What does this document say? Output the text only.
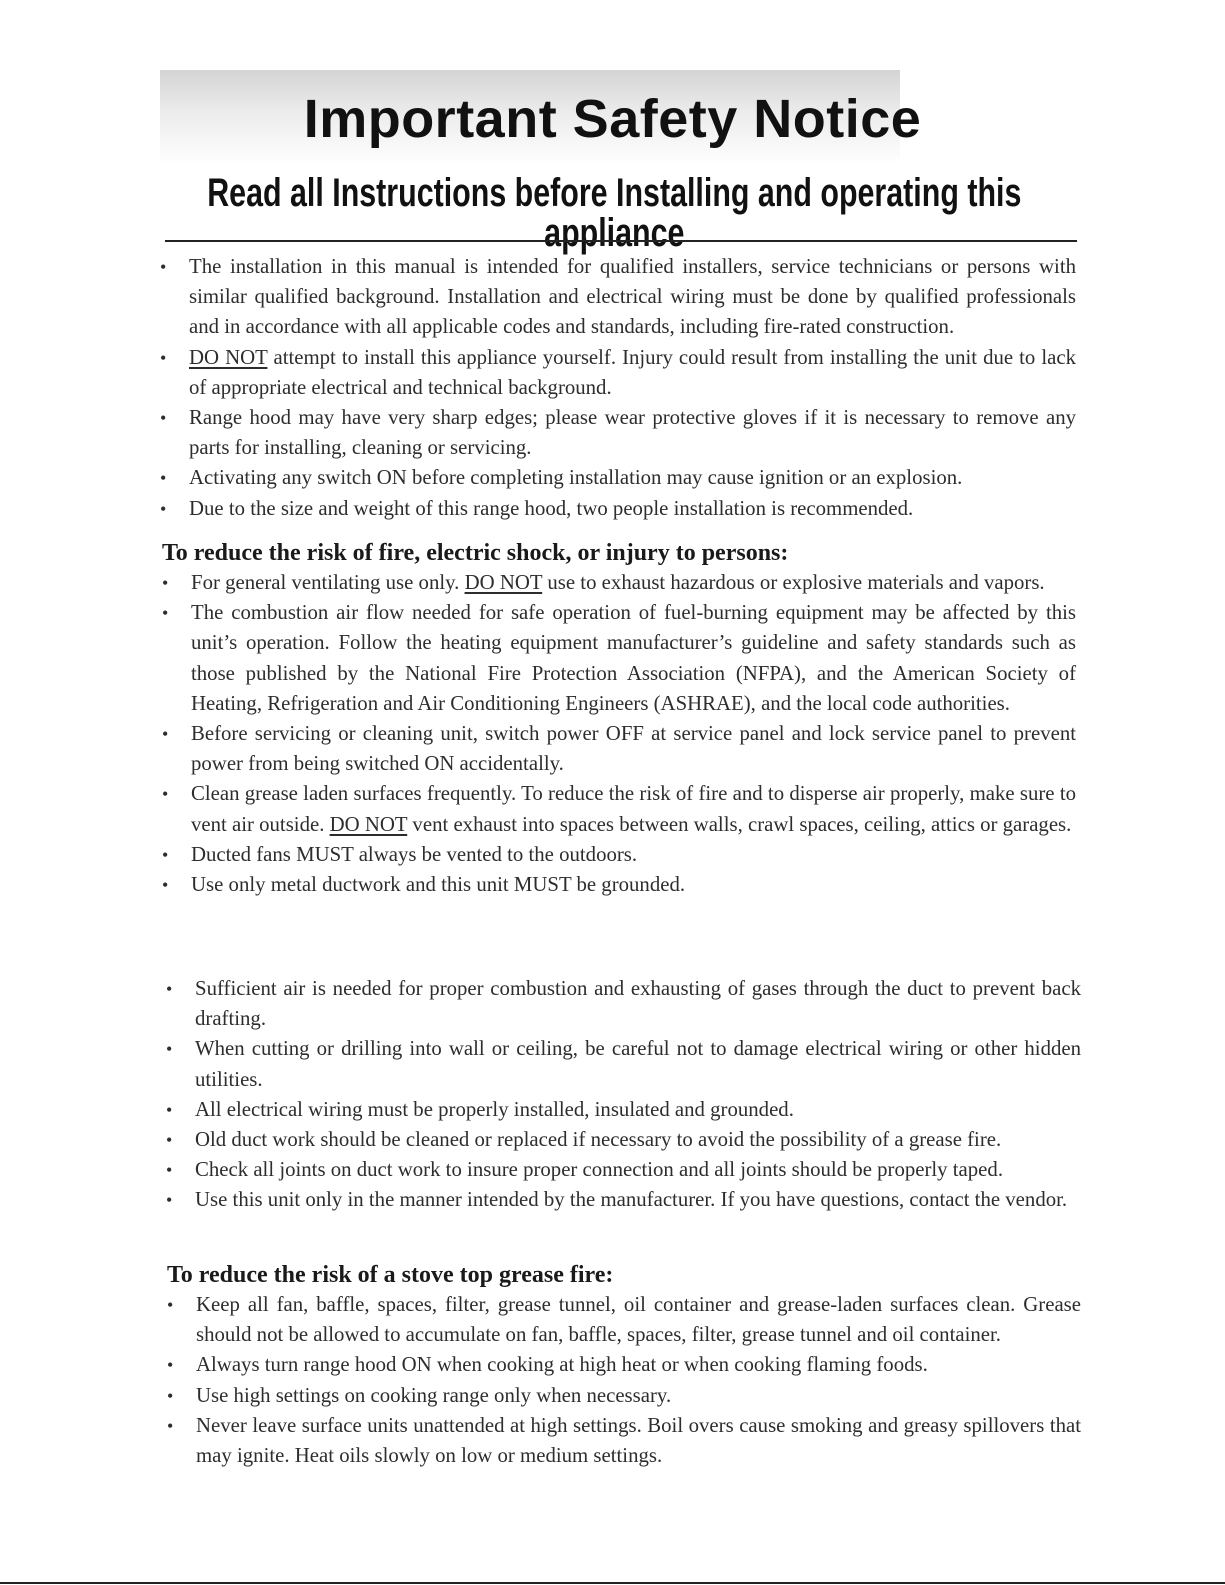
Important Safety Notice
Read all Instructions before Installing and operating this appliance
• The installation in this manual is intended for qualified installers, service technicians or persons with similar qualified background. Installation and electrical wiring must be done by qualified professionals and in accordance with all applicable codes and standards, including fire-rated construction.
• DO NOT attempt to install this appliance yourself. Injury could result from installing the unit due to lack of appropriate electrical and technical background.
• Range hood may have very sharp edges; please wear protective gloves if it is necessary to remove any parts for installing, cleaning or servicing.
• Activating any switch ON before completing installation may cause ignition or an explosion.
• Due to the size and weight of this range hood, two people installation is recommended.

To reduce the risk of fire, electric shock, or injury to persons:

• For general ventilating use only. DO NOT use to exhaust hazardous or explosive materials and vapors.
• The combustion air flow needed for safe operation of fuel-burning equipment may be affected by this unit’s operation. Follow the heating equipment manufacturer’s guideline and safety standards such as those published by the National Fire Protection Association (NFPA), and the American Society of Heating, Refrigeration and Air Conditioning Engineers (ASHRAE), and the local code authorities.
• Before servicing or cleaning unit, switch power OFF at service panel and lock service panel to prevent power from being switched ON accidentally.
• Clean grease laden surfaces frequently. To reduce the risk of fire and to disperse air properly, make sure to vent air outside. DO NOT vent exhaust into spaces between walls, crawl spaces, ceiling, attics or garages.
• Ducted fans MUST always be vented to the outdoors.
• Use only metal ductwork and this unit MUST be grounded.
• Sufficient air is needed for proper combustion and exhausting of gases through the duct to prevent back drafting.
• When cutting or drilling into wall or ceiling, be careful not to damage electrical wiring or other hidden utilities.
• All electrical wiring must be properly installed, insulated and grounded.
• Old duct work should be cleaned or replaced if necessary to avoid the possibility of a grease fire.
• Check all joints on duct work to insure proper connection and all joints should be properly taped.
• Use this unit only in the manner intended by the manufacturer. If you have questions, contact the vendor.

To reduce the risk of a stove top grease fire:

• Keep all fan, baffle, spaces, filter, grease tunnel, oil container and grease-laden surfaces clean. Grease should not be allowed to accumulate on fan, baffle, spaces, filter, grease tunnel and oil container.
• Always turn range hood ON when cooking at high heat or when cooking flaming foods.
• Use high settings on cooking range only when necessary.
• Never leave surface units unattended at high settings. Boil overs cause smoking and greasy spillovers that may ignite. Heat oils slowly on low or medium settings.
